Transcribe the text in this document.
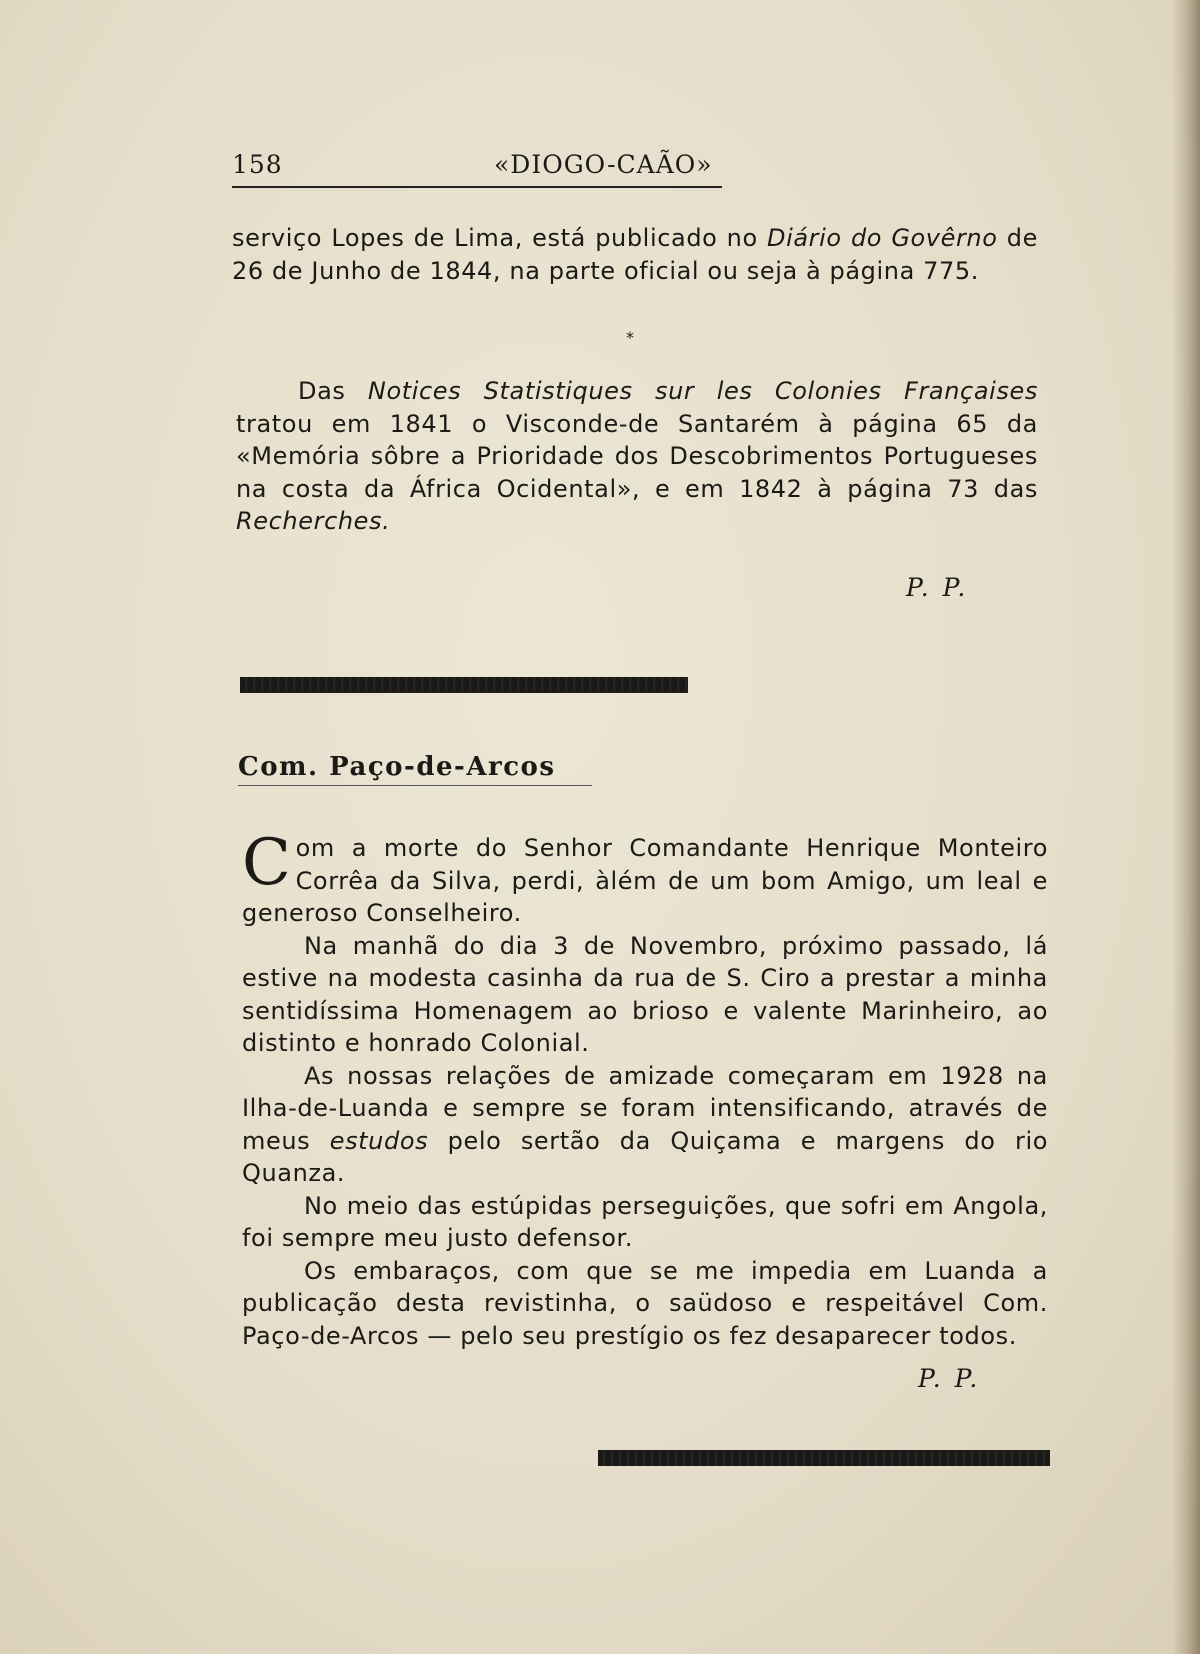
158	«DIOGO-CAÃO»

serviço Lopes de Lima, está publicado no Diário do Govêrno de 26 de Junho de 1844, na parte oficial ou seja à página 775.

*

Das Notices Statistiques sur les Colonies Françaises tratou em 1841 o Visconde-de Santarém à página 65 da «Memória sôbre a Prioridade dos Descobrimentos Portugueses na costa da África Ocidental», e em 1842 à página 73 das Recherches.

P. P.
Com. Paço-de-Arcos

Com a morte do Senhor Comandante Henrique Monteiro Corrêa da Silva, perdi, àlém de um bom Amigo, um leal e generoso Conselheiro.

Na manhã do dia 3 de Novembro, próximo passado, lá estive na modesta casinha da rua de S. Ciro a prestar a minha sentidíssima Homenagem ao brioso e valente Marinheiro, ao distinto e honrado Colonial.

As nossas relações de amizade começaram em 1928 na Ilha-de-Luanda e sempre se foram intensificando, através de meus estudos pelo sertão da Quiçama e margens do rio Quanza.

No meio das estúpidas perseguições, que sofri em Angola, foi sempre meu justo defensor.

Os embaraços, com que se me impedia em Luanda a publicação desta revistinha, o saüdoso e respeitável Com. Paço-de-Arcos — pelo seu prestígio os fez desaparecer todos.

P. P.
